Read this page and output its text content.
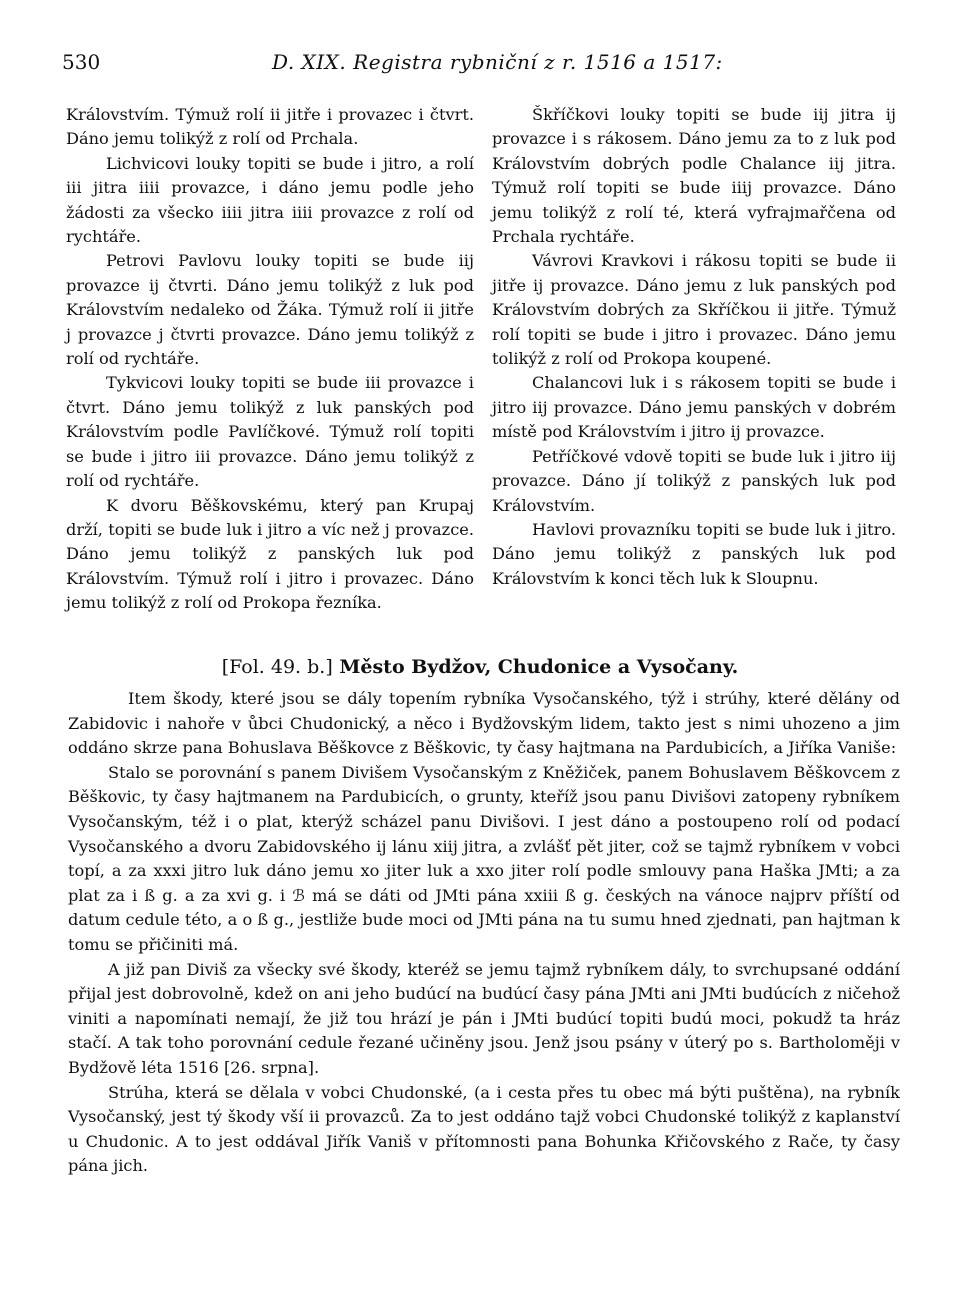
530	D. XIX. Registra rybniční z r. 1516 a 1517:

Královstvím. Týmuž rolí ii jitře i provazec i čtvrt. Dáno jemu tolikýž z rolí od Prchala.

Lichvicovi louky topiti se bude i jitro, a rolí iii jitra iiii provazce, i dáno jemu podle jeho žádosti za všecko iiii jitra iiii provazce z rolí od rychtáře.

Petrovi Pavlovu louky topiti se bude iij provazce ij čtvrti. Dáno jemu tolikýž z luk pod Královstvím nedaleko od Žáka. Týmuž rolí ii jitře j provazce j čtvrti provazce. Dáno jemu tolikýž z rolí od rychtáře.

Tykvicovi louky topiti se bude iii provazce i čtvrt. Dáno jemu tolikýž z luk panských pod Královstvím podle Pavlíčkové. Týmuž rolí topiti se bude i jitro iii provazce. Dáno jemu tolikýž z rolí od rychtáře.

K dvoru Běškovskému, který pan Krupaj drží, topiti se bude luk i jitro a víc než j provazce. Dáno jemu tolikýž z panských luk pod Královstvím. Týmuž rolí i jitro i provazec. Dáno jemu tolikýž z rolí od Prokopa řezníka.

Škříčkovi louky topiti se bude iij jitra ij provazce i s rákosem. Dáno jemu za to z luk pod Královstvím dobrých podle Chalance iij jitra. Týmuž rolí topiti se bude iiij provazce. Dáno jemu tolikýž z rolí té, která vyfrajmařčena od Prchala rychtáře.

Vávrovi Kravkovi i rákosu topiti se bude ii jitře ij provazce. Dáno jemu z luk panských pod Královstvím dobrých za Skříčkou ii jitře. Týmuž rolí topiti se bude i jitro i provazec. Dáno jemu tolikýž z rolí od Prokopa koupené.

Chalancovi luk i s rákosem topiti se bude i jitro iij provazce. Dáno jemu panských v dobrém místě pod Královstvím i jitro ij provazce.

Petříčkové vdově topiti se bude luk i jitro iij provazce. Dáno jí tolikýž z panských luk pod Královstvím.

Havlovi provazníku topiti se bude luk i jitro. Dáno jemu tolikýž z panských luk pod Královstvím k konci těch luk k Sloupnu.

[Fol. 49. b.] Město Bydžov, Chudonice a Vysočany.

Item škody, které jsou se dály topením rybníka Vysočanského, týž i strúhy, které dělány od Zabidovic i nahoře v ůbci Chudonický, a něco i Bydžovským lidem, takto jest s nimi uhozeno a jim oddáno skrze pana Bohuslava Běškovce z Běškovic, ty časy hajtmana na Pardubicích, a Jiříka Vaniše:

Stalo se porovnání s panem Divišem Vysočanským z Kněžiček, panem Bohuslavem Běškovcem z Běškovic, ty časy hajtmanem na Pardubicích, o grunty, kteříž jsou panu Divišovi zatopeny rybníkem Vysočanským, též i o plat, kterýž scházel panu Divišovi. I jest dáno a postoupeno rolí od podací Vysočanského a dvoru Zabidovského ij lánu xiij jitra, a zvlášť pět jiter, což se tajmž rybníkem v vobci topí, a za xxxi jitro luk dáno jemu xo jiter luk a xxo jiter rolí podle smlouvy pana Haška JMti; a za plat za i ß g. a za xvi g. i ℬ má se dáti od JMti pána xxiii ß g. českých na vánoce najprv příští od datum cedule této, a o ß g., jestliže bude moci od JMti pána na tu sumu hned zjednati, pan hajtman k tomu se přičiniti má.

A již pan Diviš za všecky své škody, kteréž se jemu tajmž rybníkem dály, to svrchupsané oddání přijal jest dobrovolně, kdež on ani jeho budúcí na budúcí časy pána JMti ani JMti budúcích z ničehož viniti a napomínati nemají, že již tou hrází je pán i JMti budúcí topiti budú moci, pokudž ta hráz stačí. A tak toho porovnání cedule řezané učiněny jsou. Jenž jsou psány v úterý po s. Bartholoměji v Bydžově léta 1516 [26. srpna].

Strúha, která se dělala v vobci Chudonské, (a i cesta přes tu obec má býti puštěna), na rybník Vysočanský, jest tý škody vší ii provazců. Za to jest oddáno tajž vobci Chudonské tolikýž z kaplanství u Chudonic. A to jest oddával Jiřík Vaniš v přítomnosti pana Bohunka Křičovského z Rače, ty časy pána jich.
